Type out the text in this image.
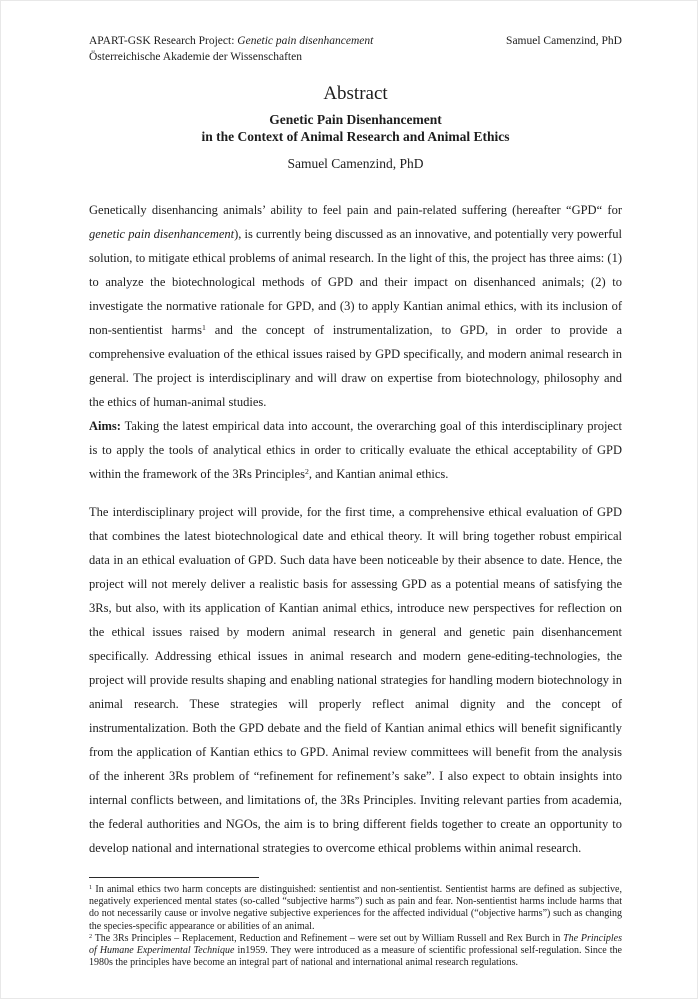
APART-GSK Research Project: Genetic pain disenhancement
Österreichische Akademie der Wissenschaften
Samuel Camenzind, PhD
Abstract

Genetic Pain Disenhancement

in the Context of Animal Research and Animal Ethics

Samuel Camenzind, PhD

Genetically disenhancing animals’ ability to feel pain and pain-related suffering (hereafter “GPD“ for genetic pain disenhancement), is currently being discussed as an innovative, and potentially very powerful solution, to mitigate ethical problems of animal research. In the light of this, the project has three aims: (1) to analyze the biotechnological methods of GPD and their impact on disenhanced animals; (2) to investigate the normative rationale for GPD, and (3) to apply Kantian animal ethics, with its inclusion of non-sentientist harms$^1$ and the concept of instrumentalization, to GPD, in order to provide a comprehensive evaluation of the ethical issues raised by GPD specifically, and modern animal research in general. The project is interdisciplinary and will draw on expertise from biotechnology, philosophy and the ethics of human-animal studies.

Aims: Taking the latest empirical data into account, the overarching goal of this interdisciplinary project is to apply the tools of analytical ethics in order to critically evaluate the ethical acceptability of GPD within the framework of the 3Rs Principles$^2$, and Kantian animal ethics.

The interdisciplinary project will provide, for the first time, a comprehensive ethical evaluation of GPD that combines the latest biotechnological date and ethical theory. It will bring together robust empirical data in an ethical evaluation of GPD. Such data have been noticeable by their absence to date. Hence, the project will not merely deliver a realistic basis for assessing GPD as a potential means of satisfying the 3Rs, but also, with its application of Kantian animal ethics, introduce new perspectives for reflection on the ethical issues raised by modern animal research in general and genetic pain disenhancement specifically. Addressing ethical issues in animal research and modern gene-editing-technologies, the project will provide results shaping and enabling national strategies for handling modern biotechnology in animal research. These strategies will properly reflect animal dignity and the concept of instrumentalization. Both the GPD debate and the field of Kantian animal ethics will benefit significantly from the application of Kantian ethics to GPD. Animal review committees will benefit from the analysis of the inherent 3Rs problem of “refinement for refinement’s sake”. I also expect to obtain insights into internal conflicts between, and limitations of, the 3Rs Principles. Inviting relevant parties from academia, the federal authorities and NGOs, the aim is to bring different fields together to create an opportunity to develop national and international strategies to overcome ethical problems within animal research.

$^1$ In animal ethics two harm concepts are distinguished: sentientist and non-sentientist. Sentientist harms are defined as subjective, negatively experienced mental states (so-called “subjective harms”) such as pain and fear. Non-sentientist harms include harms that do not necessarily cause or involve negative subjective experiences for the affected individual (“objective harms”) such as changing the species-specific appearance or abilities of an animal.

$^2$ The 3Rs Principles – Replacement, Reduction and Refinement – were set out by William Russell and Rex Burch in The Principles of Humane Experimental Technique in1959. They were introduced as a measure of scientific professional self-regulation. Since the 1980s the principles have become an integral part of national and international animal research regulations.
